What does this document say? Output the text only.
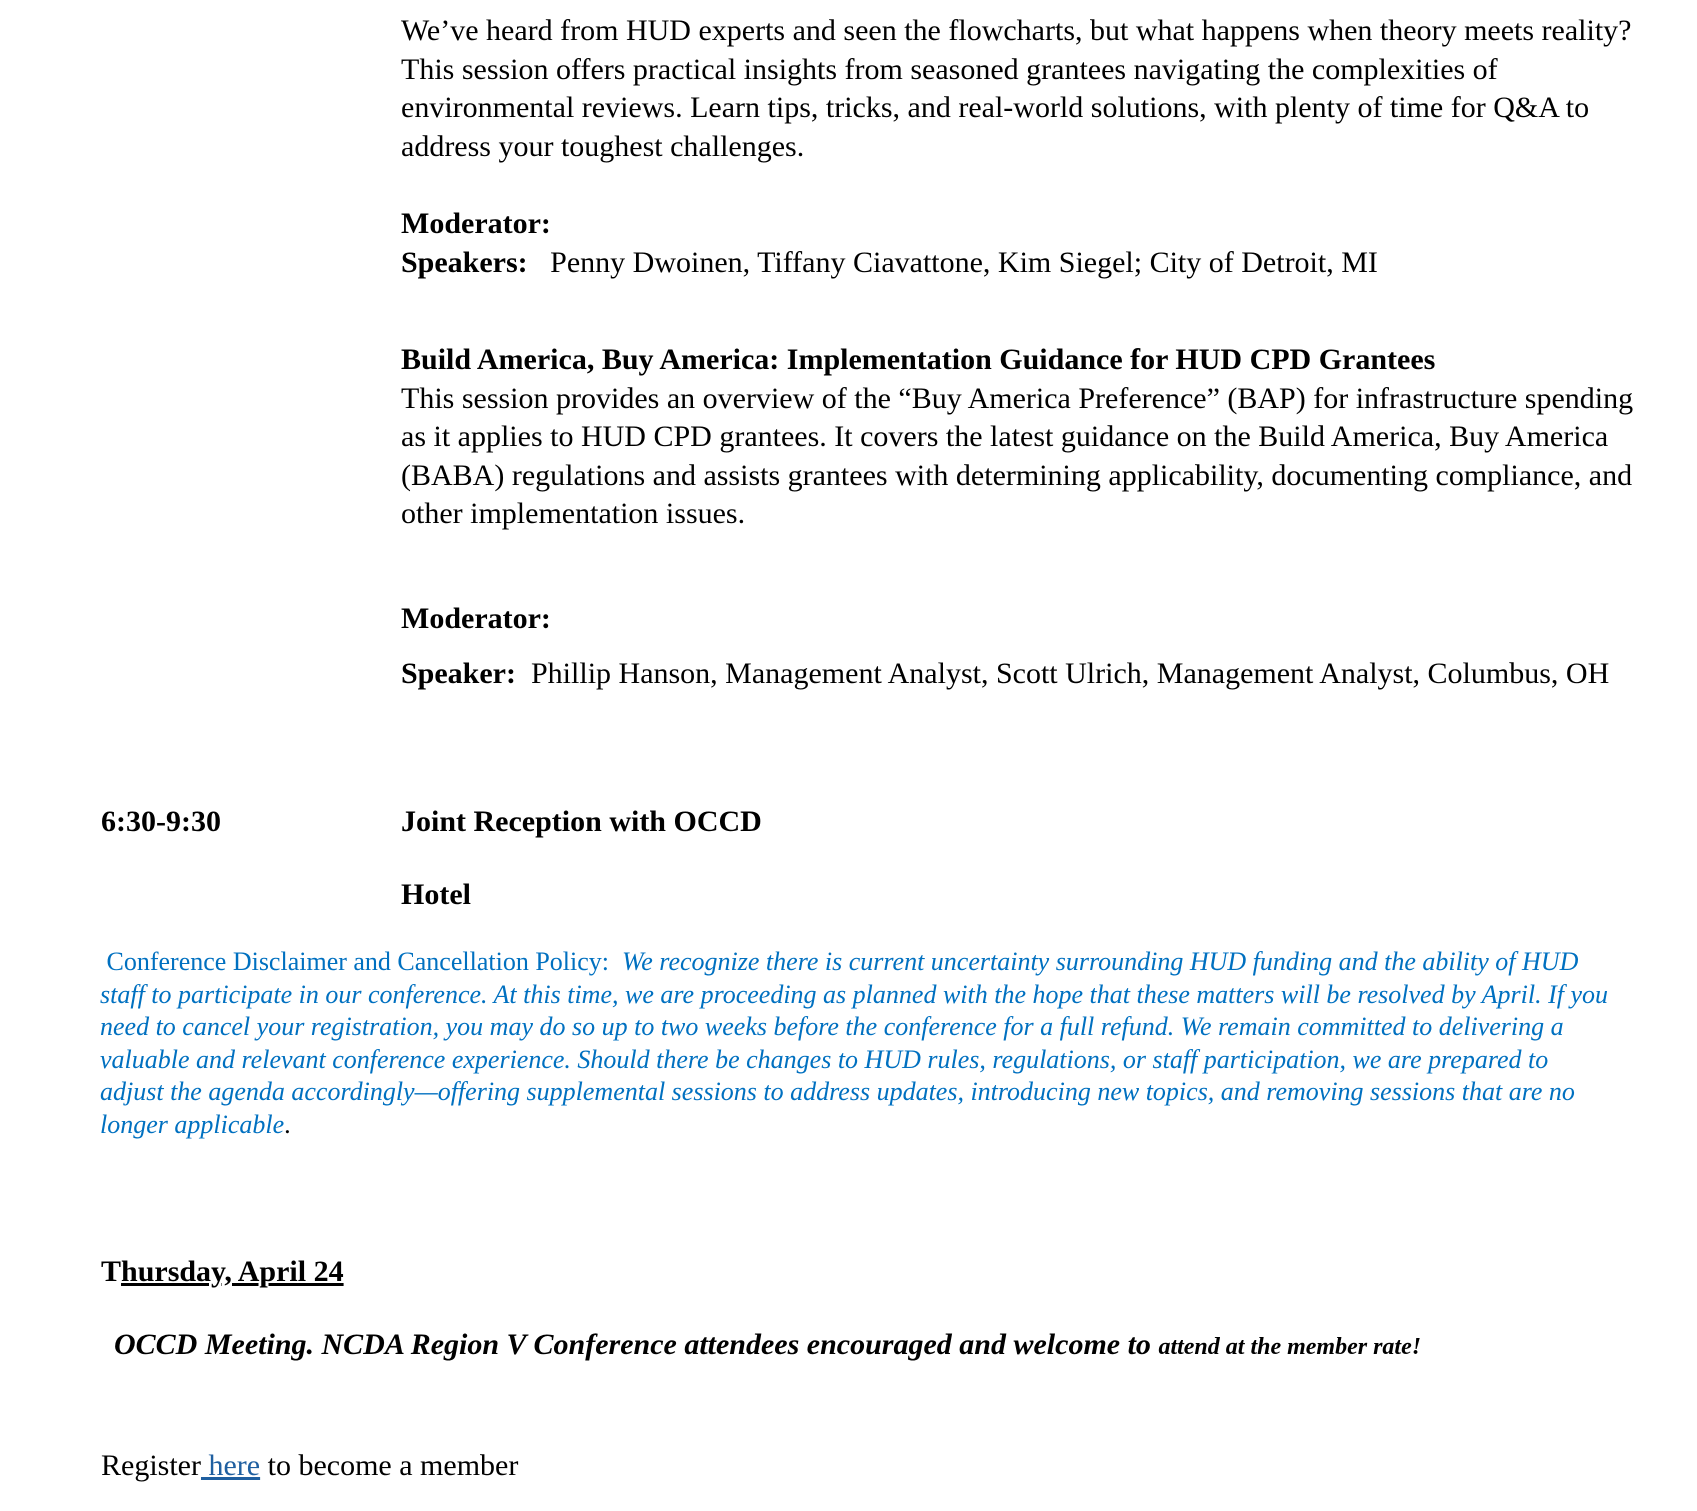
We’ve heard from HUD experts and seen the flowcharts, but what happens when theory meets reality? This session offers practical insights from seasoned grantees navigating the complexities of environmental reviews. Learn tips, tricks, and real-world solutions, with plenty of time for Q&A to address your toughest challenges.

Moderator:

Speakers: Penny Dwoinen, Tiffany Ciavattone, Kim Siegel; City of Detroit, MI

Build America, Buy America: Implementation Guidance for HUD CPD Grantees

This session provides an overview of the “Buy America Preference” (BAP) for infrastructure spending as it applies to HUD CPD grantees. It covers the latest guidance on the Build America, Buy America (BABA) regulations and assists grantees with determining applicability, documenting compliance, and other implementation issues.

Moderator:

Speaker: Phillip Hanson, Management Analyst, Scott Ulrich, Management Analyst, Columbus, OH

6:30-9:30	Joint Reception with OCCD
Hotel
Conference Disclaimer and Cancellation Policy: We recognize there is current uncertainty surrounding HUD funding and the ability of HUD staff to participate in our conference. At this time, we are proceeding as planned with the hope that these matters will be resolved by April. If you need to cancel your registration, you may do so up to two weeks before the conference for a full refund. We remain committed to delivering a valuable and relevant conference experience. Should there be changes to HUD rules, regulations, or staff participation, we are prepared to adjust the agenda accordingly—offering supplemental sessions to address updates, introducing new topics, and removing sessions that are no longer applicable.
Thursday, April 24
OCCD Meeting. NCDA Region V Conference attendees encouraged and welcome to attend at the member rate!
Register here to become a member
